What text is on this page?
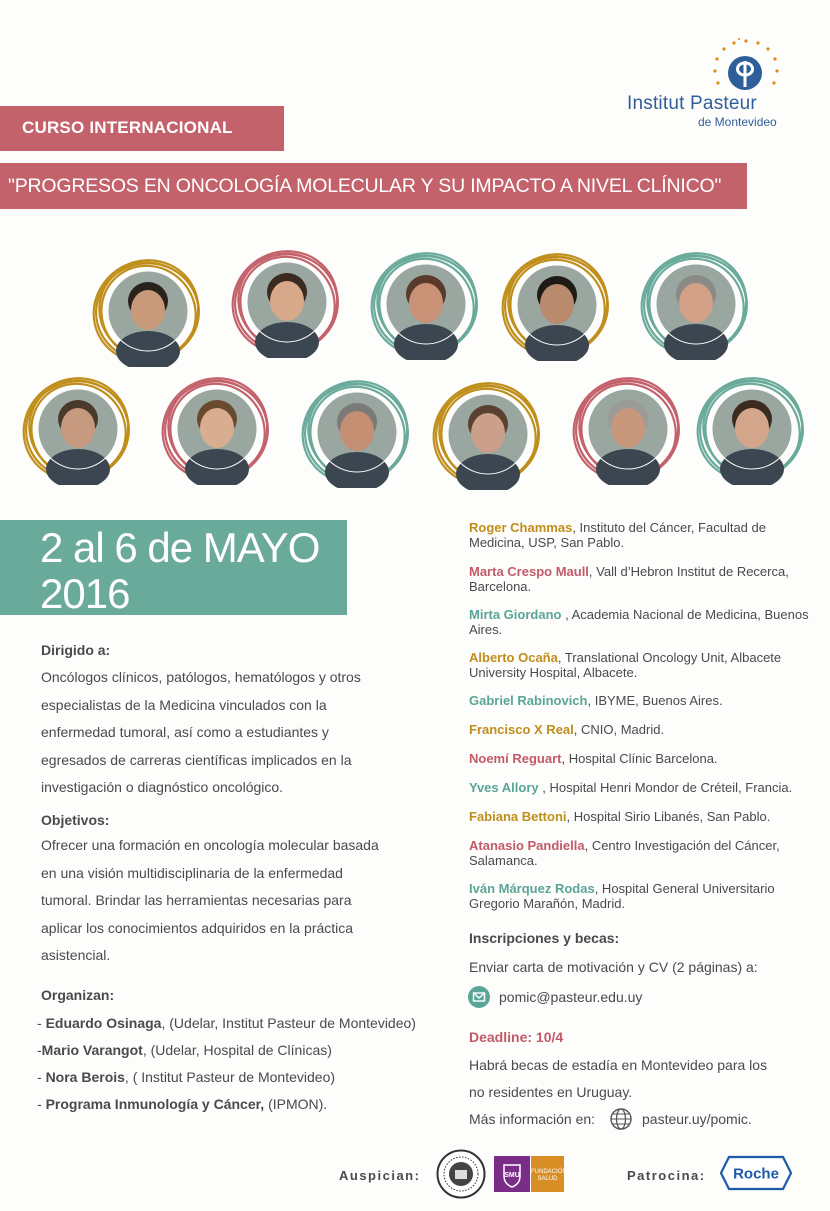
Institut Pasteur
de Montevideo
CURSO INTERNACIONAL
"PROGRESOS EN ONCOLOGÍA MOLECULAR Y SU IMPACTO A NIVEL CLÍNICO"
2 al 6 de MAYO
2016
Dirigido a:
Oncólogos clínicos, patólogos, hematólogos y otros
especialistas de la Medicina vinculados con la
enfermedad tumoral, así como a estudiantes y
egresados de carreras científicas implicados en la
investigación o diagnóstico oncológico.
Objetivos:
Ofrecer una formación en oncología molecular basada
en una visión multidisciplinaria de la enfermedad
tumoral. Brindar las herramientas necesarias para
aplicar los conocimientos adquiridos en la práctica
asistencial.
Organizan:
- Eduardo Osinaga, (Udelar, Institut Pasteur de Montevideo)
-Mario Varangot, (Udelar, Hospital de Clínicas)
- Nora Berois, ( Institut Pasteur de Montevideo)
- Programa Inmunología y Cáncer, (IPMON).
Roger Chammas, Instituto del Cáncer, Facultad de Medicina, USP, San Pablo.
Marta Crespo Maull, Vall d’Hebron Institut de Recerca, Barcelona.
Mirta Giordano , Academia Nacional de Medicina, Buenos Aires.
Alberto Ocaña, Translational Oncology Unit, Albacete University Hospital, Albacete.
Gabriel Rabinovich, IBYME, Buenos Aires.
Francisco X Real, CNIO, Madrid.
Noemí Reguart, Hospital Clínic Barcelona.
Yves Allory , Hospital Henri Mondor de Créteil, Francia.
Fabiana Bettoni, Hospital Sirio Libanés, San Pablo.
Atanasio Pandiella, Centro Investigación del Cáncer, Salamanca.
Iván Márquez Rodas, Hospital General Universitario Gregorio Marañón, Madrid.
Inscripciones y becas:
Enviar carta de motivación y CV (2 páginas) a:
pomic@pasteur.edu.uy
Deadline: 10/4
Habrá becas de estadía en Montevideo para los
no residentes en Uruguay.
Más información en:	pasteur.uy/pomic.
Auspician:	SMU FUNDACIÓN SALUD	Patrocina: Roche
